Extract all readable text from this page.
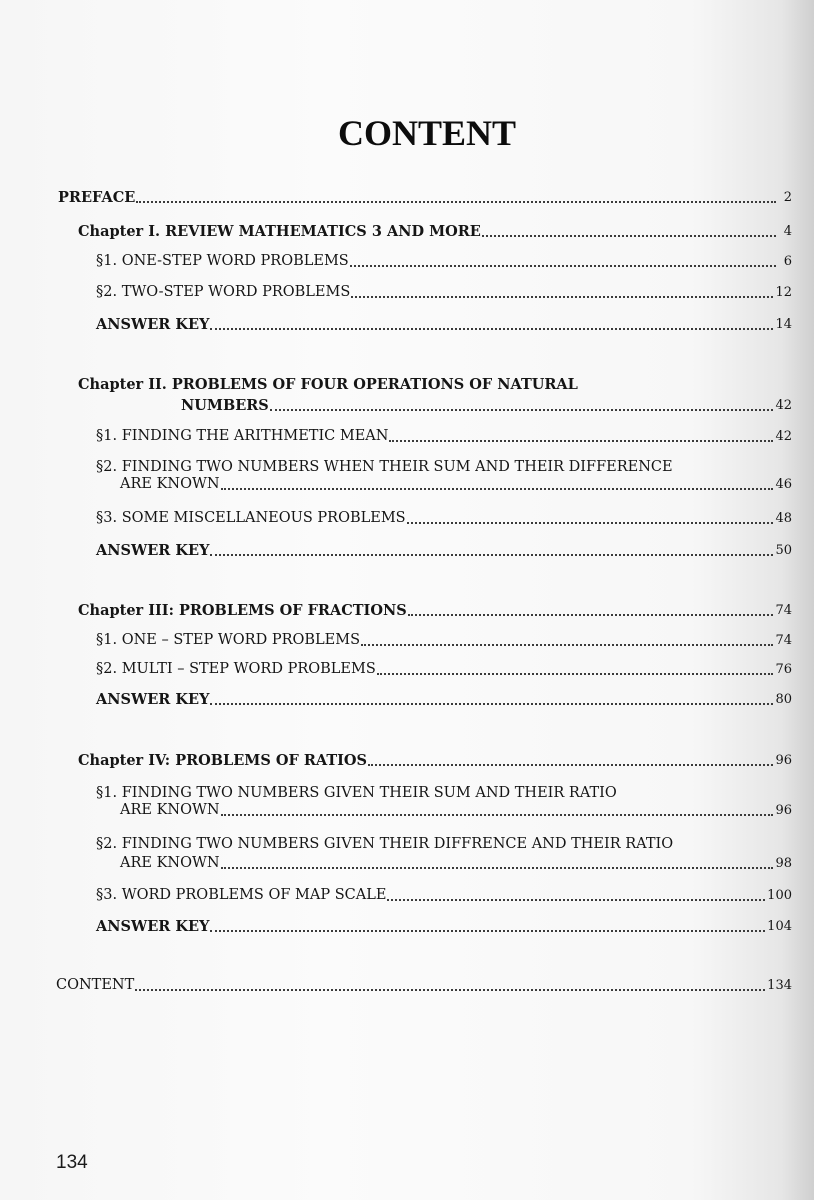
CONTENT
PREFACE	2
Chapter I. REVIEW MATHEMATICS 3 AND MORE	4
§1. ONE-STEP WORD PROBLEMS	6
§2. TWO-STEP WORD PROBLEMS	12
ANSWER KEY	14
Chapter II. PROBLEMS OF FOUR OPERATIONS OF NATURAL
NUMBERS	42
§1. FINDING THE ARITHMETIC MEAN	42
§2. FINDING TWO NUMBERS WHEN THEIR SUM AND THEIR DIFFERENCE
ARE KNOWN	46
§3. SOME MISCELLANEOUS PROBLEMS	48
ANSWER KEY	50
Chapter III: PROBLEMS OF FRACTIONS	74
§1. ONE – STEP WORD PROBLEMS	74
§2. MULTI – STEP WORD PROBLEMS	76
ANSWER KEY	80
Chapter IV: PROBLEMS OF RATIOS	96
§1. FINDING TWO NUMBERS GIVEN THEIR SUM AND THEIR RATIO
ARE KNOWN	96
§2. FINDING TWO NUMBERS GIVEN THEIR DIFFRENCE AND THEIR RATIO
ARE KNOWN	98
§3. WORD PROBLEMS OF MAP SCALE	100
ANSWER KEY	104
CONTENT	134
134
